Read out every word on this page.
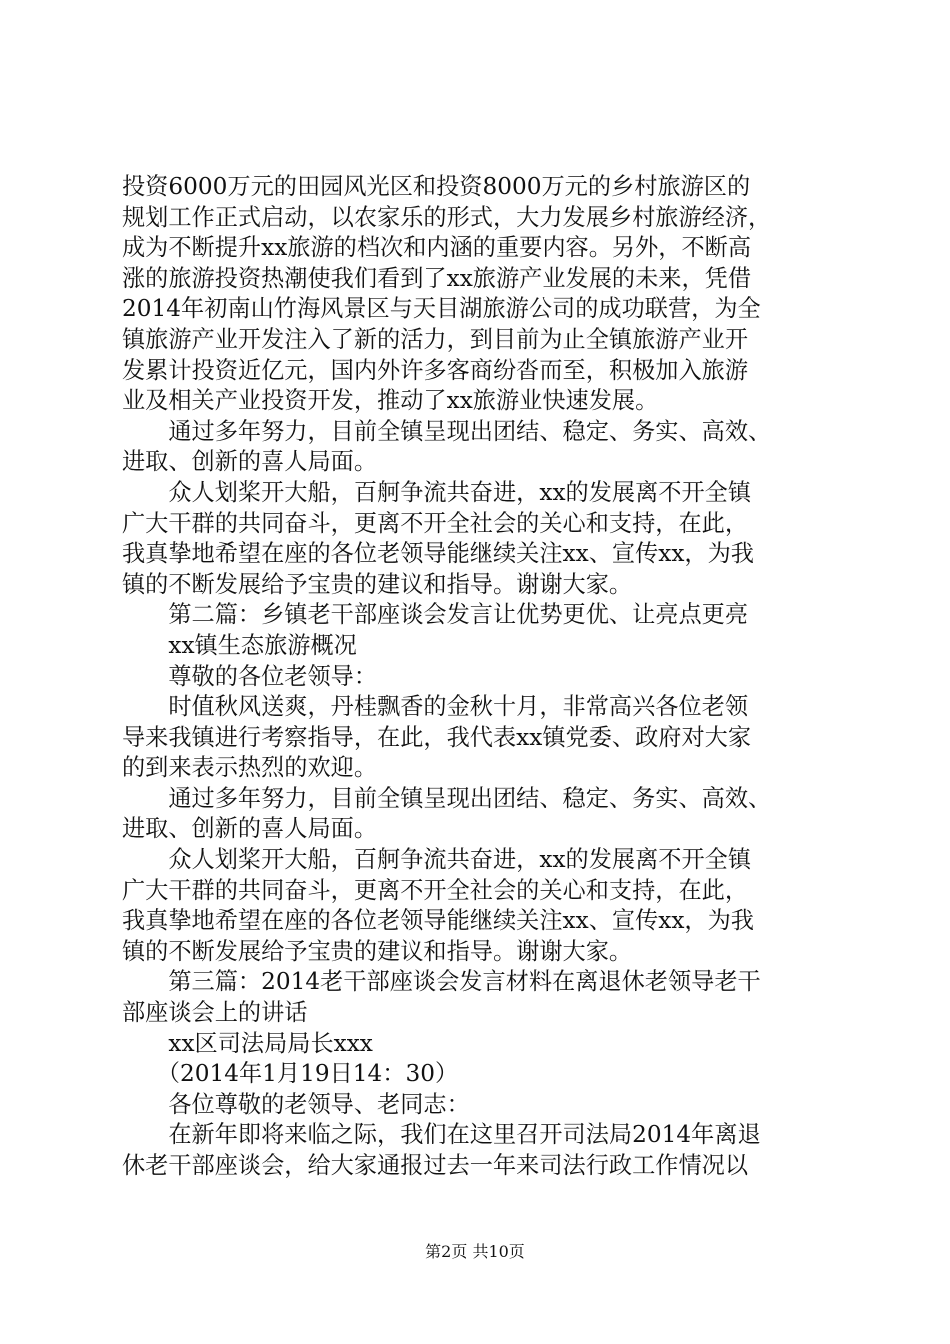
投资6000万元的田园风光区和投资8000万元的乡村旅游区的
规划工作正式启动，以农家乐的形式，大力发展乡村旅游经济，
成为不断提升xx旅游的档次和内涵的重要内容。另外，不断高
涨的旅游投资热潮使我们看到了xx旅游产业发展的未来，凭借
2014年初南山竹海风景区与天目湖旅游公司的成功联营，为全
镇旅游产业开发注入了新的活力，到目前为止全镇旅游产业开
发累计投资近亿元，国内外许多客商纷沓而至，积极加入旅游
业及相关产业投资开发，推动了xx旅游业快速发展。
　　通过多年努力，目前全镇呈现出团结、稳定、务实、高效、
进取、创新的喜人局面。
　　众人划桨开大船，百舸争流共奋进，xx的发展离不开全镇
广大干群的共同奋斗，更离不开全社会的关心和支持，在此，
我真挚地希望在座的各位老领导能继续关注xx、宣传xx，为我
镇的不断发展给予宝贵的建议和指导。谢谢大家。
　　第二篇：乡镇老干部座谈会发言让优势更优、让亮点更亮
　　xx镇生态旅游概况
　　尊敬的各位老领导：
　　时值秋风送爽，丹桂飘香的金秋十月，非常高兴各位老领
导来我镇进行考察指导，在此，我代表xx镇党委、政府对大家
的到来表示热烈的欢迎。
　　通过多年努力，目前全镇呈现出团结、稳定、务实、高效、
进取、创新的喜人局面。
　　众人划桨开大船，百舸争流共奋进，xx的发展离不开全镇
广大干群的共同奋斗，更离不开全社会的关心和支持，在此，
我真挚地希望在座的各位老领导能继续关注xx、宣传xx，为我
镇的不断发展给予宝贵的建议和指导。谢谢大家。
　　第三篇：2014老干部座谈会发言材料在离退休老领导老干
部座谈会上的讲话
　　xx区司法局局长xxx
　　（2014年1月19日14：30）
　　各位尊敬的老领导、老同志：
　　在新年即将来临之际，我们在这里召开司法局2014年离退
休老干部座谈会，给大家通报过去一年来司法行政工作情况以
第2页 共10页
